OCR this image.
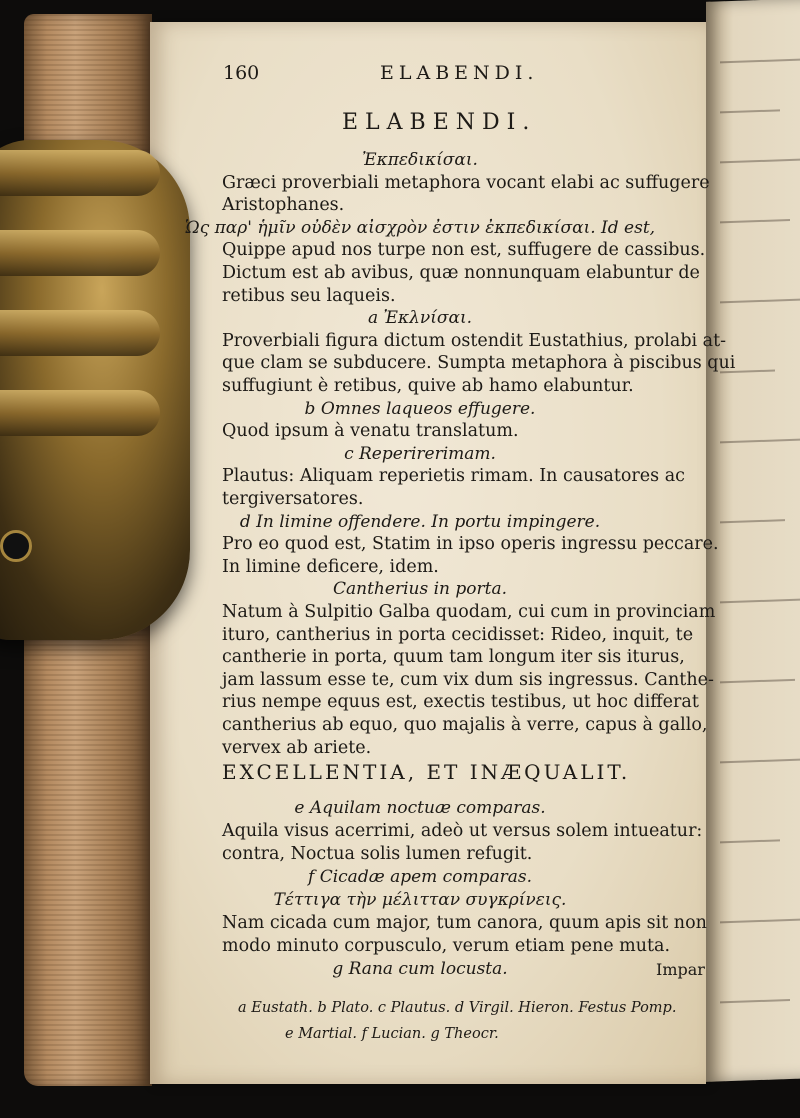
160	ELABENDI.
ELABENDI.
Ἐκπεδικίσαι.
Græci proverbiali metaphora vocant elabi ac suffugere
Aristophanes.
Ὡς παρ' ἡμῖν οὐδὲν αἰσχρὸν ἐστιν ἐκπεδικίσαι. Id est,
Quippe apud nos turpe non est, suffugere de cassibus.
Dictum est ab avibus, quæ nonnunquam elabuntur de
retibus seu laqueis.
a Ἐκλνίσαι.
Proverbiali figura dictum ostendit Eustathius, prolabi at-
que clam se subducere. Sumpta metaphora à piscibus qui
suffugiunt è retibus, quive ab hamo elabuntur.
b Omnes laqueos effugere.
Quod ipsum à venatu translatum.
c Reperirerimam.
Plautus: Aliquam reperietis rimam. In causatores ac
tergiversatores.
d In limine offendere. In portu impingere.
Pro eo quod est, Statim in ipso operis ingressu peccare.
In limine deficere, idem.
Cantherius in porta.
Natum à Sulpitio Galba quodam, cui cum in provinciam
ituro, cantherius in porta cecidisset: Rideo, inquit, te
cantherie in porta, quum tam longum iter sis iturus,
jam lassum esse te, cum vix dum sis ingressus. Canthe-
rius nempe equus est, exectis testibus, ut hoc differat
cantherius ab equo, quo majalis à verre, capus à gallo,
vervex ab ariete.
EXCELLENTIA, ET INÆQUALIT.
e Aquilam noctuæ comparas.
Aquila visus acerrimi, adeò ut versus solem intueatur:
contra, Noctua solis lumen refugit.
f Cicadæ apem comparas.
Τέττιγα τὴν μέλιτταν συγκρίνεις.
Nam cicada cum major, tum canora, quum apis sit non
modo minuto corpusculo, verum etiam pene muta.
g Rana cum locusta.	Impar
a Eustath. b Plato. c Plautus. d Virgil. Hieron. Festus Pomp.
e Martial. f Lucian. g Theocr.
